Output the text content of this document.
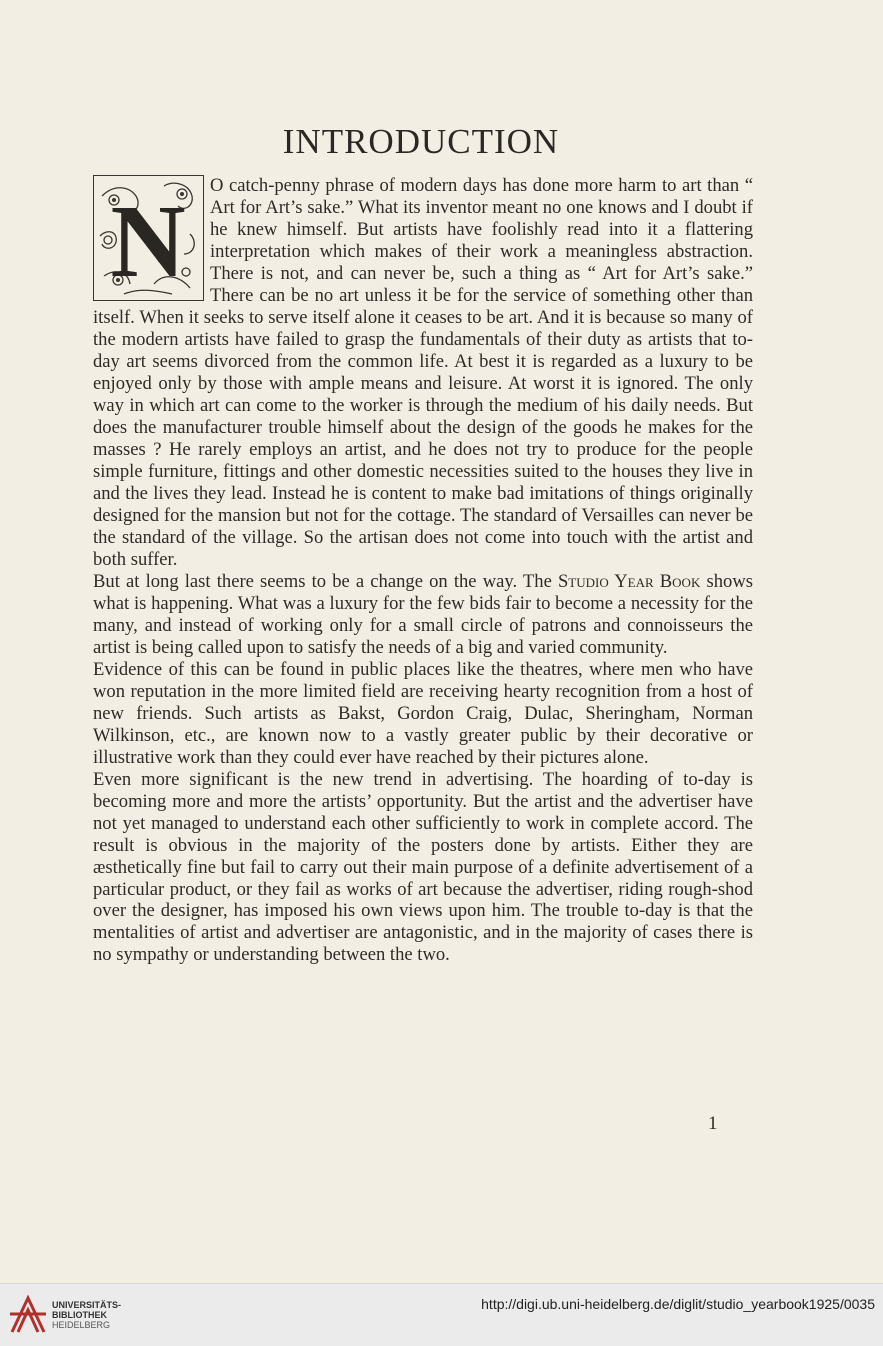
INTRODUCTION

N O catch-penny phrase of modern days has done more harm to art than “ Art for Art’s sake.” What its inventor meant no one knows and I doubt if he knew himself. But artists have foolishly read into it a flattering interpretation which makes of their work a meaningless abstraction. There is not, and can never be, such a thing as “ Art for Art’s sake.” There can be no art unless it be for the service of something other than itself. When it seeks to serve itself alone it ceases to be art. And it is because so many of the modern artists have failed to grasp the fundamentals of their duty as artists that to-day art seems divorced from the common life. At best it is regarded as a luxury to be enjoyed only by those with ample means and leisure. At worst it is ignored. The only way in which art can come to the worker is through the medium of his daily needs. But does the manufacturer trouble himself about the design of the goods he makes for the masses ? He rarely employs an artist, and he does not try to produce for the people simple furniture, fittings and other domestic necessities suited to the houses they live in and the lives they lead. Instead he is content to make bad imitations of things originally designed for the mansion but not for the cottage. The standard of Versailles can never be the standard of the village. So the artisan does not come into touch with the artist and both suffer.

But at long last there seems to be a change on the way. The Studio Year Book shows what is happening. What was a luxury for the few bids fair to become a necessity for the many, and instead of working only for a small circle of patrons and connoisseurs the artist is being called upon to satisfy the needs of a big and varied community.

Evidence of this can be found in public places like the theatres, where men who have won reputation in the more limited field are receiving hearty recognition from a host of new friends. Such artists as Bakst, Gordon Craig, Dulac, Sheringham, Norman Wilkinson, etc., are known now to a vastly greater public by their decorative or illustrative work than they could ever have reached by their pictures alone.

Even more significant is the new trend in advertising. The hoarding of to-day is becoming more and more the artists’ opportunity. But the artist and the advertiser have not yet managed to understand each other sufficiently to work in complete accord. The result is obvious in the majority of the posters done by artists. Either they are æsthetically fine but fail to carry out their main purpose of a definite advertisement of a particular product, or they fail as works of art because the advertiser, riding rough-shod over the designer, has imposed his own views upon him. The trouble to-day is that the mentalities of artist and advertiser are antagonistic, and in the majority of cases there is no sympathy or understanding between the two.

1
UNIVERSITÄTS-
BIBLIOTHEK
HEIDELBERG
http://digi.ub.uni-heidelberg.de/diglit/studio_yearbook1925/0035
